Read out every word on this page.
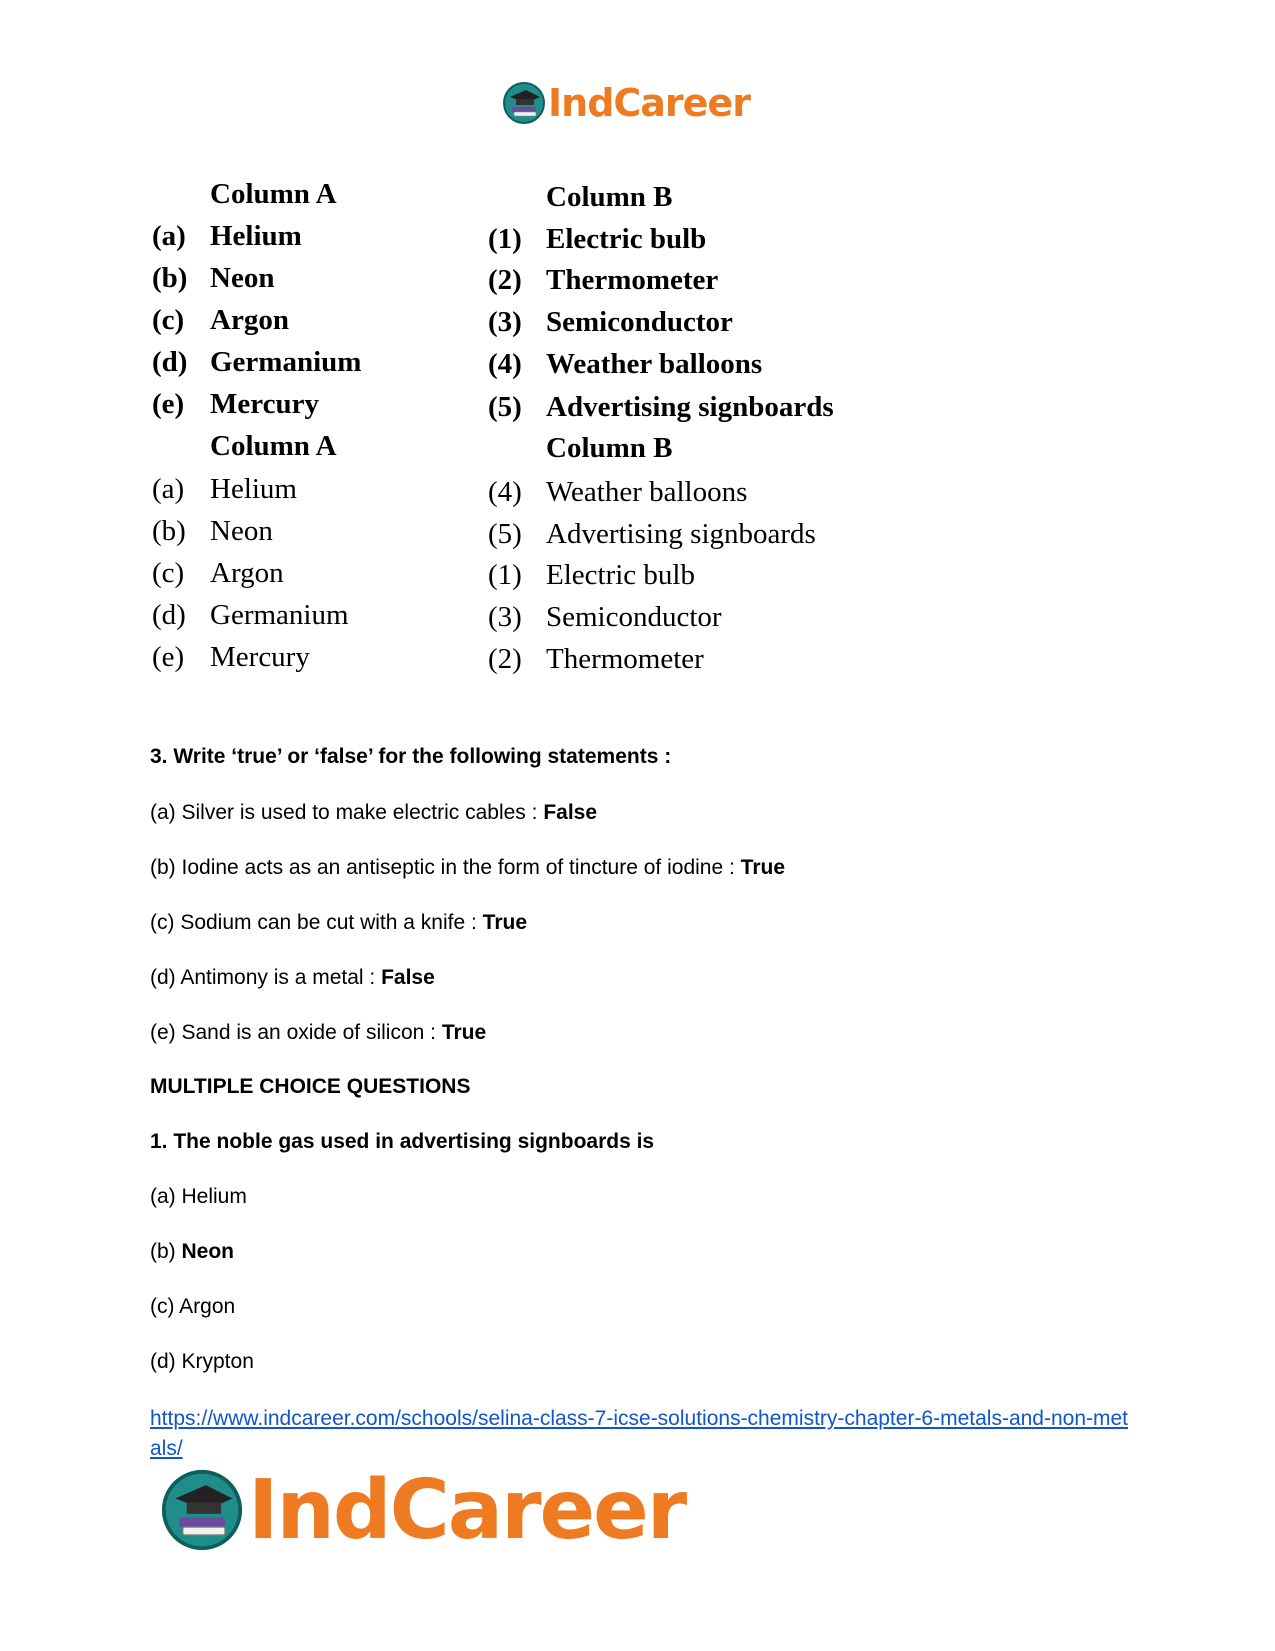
IndCareer
Column A	Column B
(a) Helium	(1) Electric bulb
(b) Neon	(2) Thermometer
(c) Argon	(3) Semiconductor
(d) Germanium	(4) Weather balloons
(e) Mercury	(5) Advertising signboards
Column A	Column B
(a) Helium	(4) Weather balloons
(b) Neon	(5) Advertising signboards
(c) Argon	(1) Electric bulb
(d) Germanium	(3) Semiconductor
(e) Mercury	(2) Thermometer
3. Write ‘true’ or ‘false’ for the following statements :
(a) Silver is used to make electric cables : False
(b) Iodine acts as an antiseptic in the form of tincture of iodine : True
(c) Sodium can be cut with a knife : True
(d) Antimony is a metal : False
(e) Sand is an oxide of silicon : True
MULTIPLE CHOICE QUESTIONS
1. The noble gas used in advertising signboards is
(a) Helium
(b) Neon
(c) Argon
(d) Krypton
https://www.indcareer.com/schools/selina-class-7-icse-solutions-chemistry-chapter-6-metals-and-non-metals/
IndCareer
